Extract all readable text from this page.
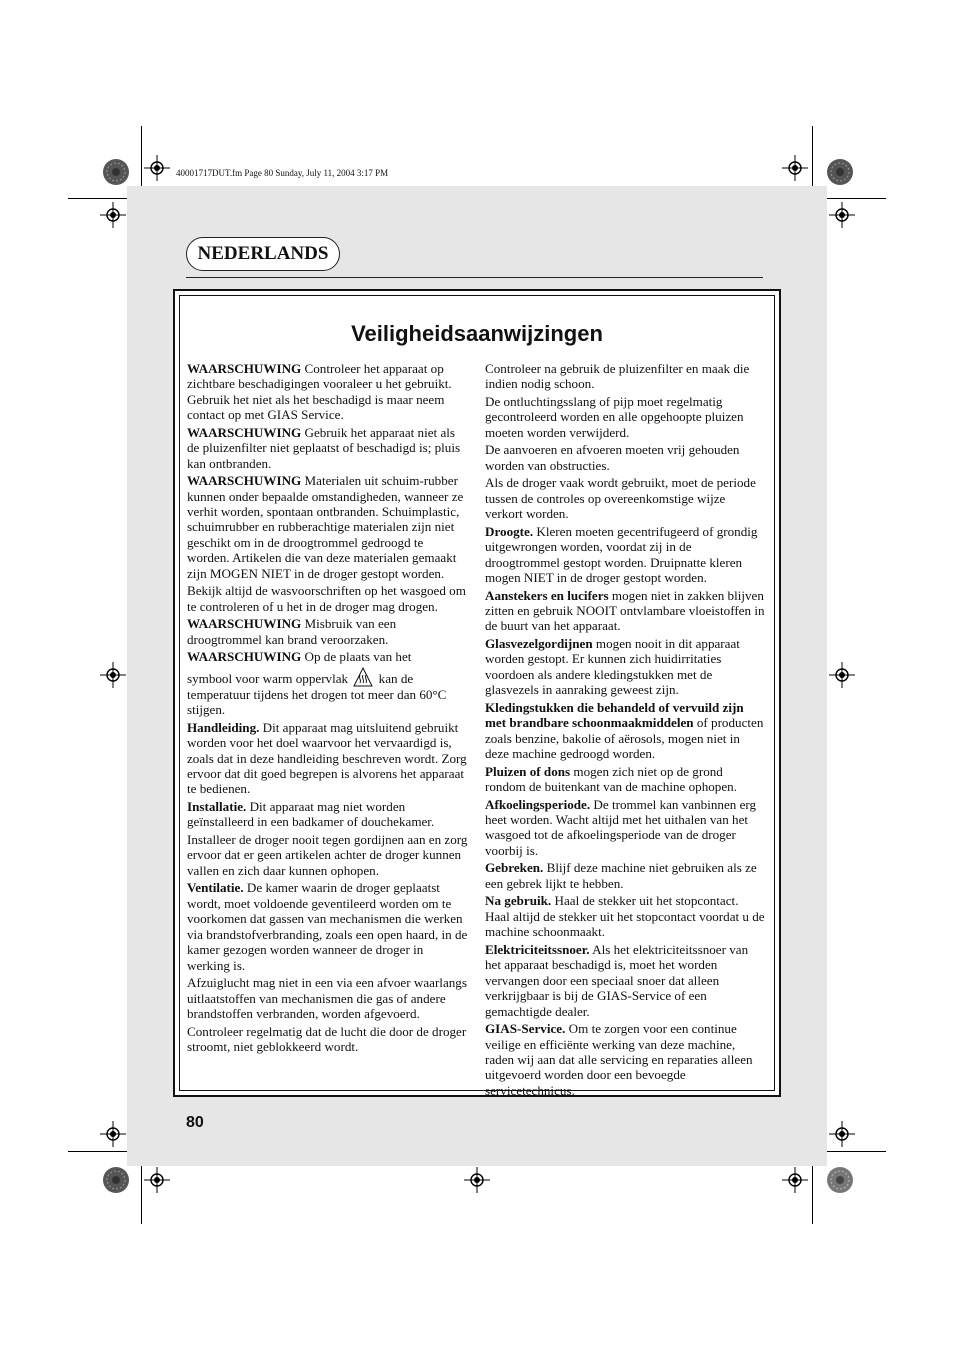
40001717DUT.fm Page 80 Sunday, July 11, 2004 3:17 PM
NEDERLANDS
Veiligheidsaanwijzingen

WAARSCHUWING Controleer het apparaat op zichtbare beschadigingen vooraleer u het gebruikt. Gebruik het niet als het beschadigd is maar neem contact op met GIAS Service.

WAARSCHUWING Gebruik het apparaat niet als de pluizenfilter niet geplaatst of beschadigd is; pluis kan ontbranden.

WAARSCHUWING Materialen uit schuim-rubber kunnen onder bepaalde omstandigheden, wanneer ze verhit worden, spontaan ontbranden. Schuimplastic, schuimrubber en rubberachtige materialen zijn niet geschikt om in de droogtrommel gedroogd te worden. Artikelen die van deze materialen gemaakt zijn MOGEN NIET in de droger gestopt worden.

Bekijk altijd de wasvoorschriften op het wasgoed om te controleren of u het in de droger mag drogen.

WAARSCHUWING Misbruik van een droogtrommel kan brand veroorzaken.

WAARSCHUWING Op de plaats van het

symbool voor warm oppervlak  kan de temperatuur tijdens het drogen tot meer dan 60°C stijgen.

Handleiding. Dit apparaat mag uitsluitend gebruikt worden voor het doel waarvoor het vervaardigd is, zoals dat in deze handleiding beschreven wordt. Zorg ervoor dat dit goed begrepen is alvorens het apparaat te bedienen.

Installatie. Dit apparaat mag niet worden geïnstalleerd in een badkamer of douchekamer.

Installeer de droger nooit tegen gordijnen aan en zorg ervoor dat er geen artikelen achter de droger kunnen vallen en zich daar kunnen ophopen.

Ventilatie. De kamer waarin de droger geplaatst wordt, moet voldoende geventileerd worden om te voorkomen dat gassen van mechanismen die werken via brandstofverbranding, zoals een open haard, in de kamer gezogen worden wanneer de droger in werking is.

Afzuiglucht mag niet in een via een afvoer waarlangs uitlaatstoffen van mechanismen die gas of andere brandstoffen verbranden, worden afgevoerd.

Controleer regelmatig dat de lucht die door de droger stroomt, niet geblokkeerd wordt.

Controleer na gebruik de pluizenfilter en maak die indien nodig schoon.

De ontluchtingsslang of pijp moet regelmatig gecontroleerd worden en alle opgehoopte pluizen moeten worden verwijderd.

De aanvoeren en afvoeren moeten vrij gehouden worden van obstructies.

Als de droger vaak wordt gebruikt, moet de periode tussen de controles op overeenkomstige wijze verkort worden.

Droogte. Kleren moeten gecentrifugeerd of grondig uitgewrongen worden, voordat zij in de droogtrommel gestopt worden. Druipnatte kleren mogen NIET in de droger gestopt worden.

Aanstekers en lucifers mogen niet in zakken blijven zitten en gebruik NOOIT ontvlambare vloeistoffen in de buurt van het apparaat.

Glasvezelgordijnen mogen nooit in dit apparaat worden gestopt. Er kunnen zich huidirritaties voordoen als andere kledingstukken met de glasvezels in aanraking geweest zijn.

Kledingstukken die behandeld of vervuild zijn met brandbare schoonmaakmiddelen of producten zoals benzine, bakolie of aërosols, mogen niet in deze machine gedroogd worden.

Pluizen of dons mogen zich niet op de grond rondom de buitenkant van de machine ophopen.

Afkoelingsperiode. De trommel kan vanbinnen erg heet worden. Wacht altijd met het uithalen van het wasgoed tot de afkoelingsperiode van de droger voorbij is.

Gebreken. Blijf deze machine niet gebruiken als ze een gebrek lijkt te hebben.

Na gebruik. Haal de stekker uit het stopcontact. Haal altijd de stekker uit het stopcontact voordat u de machine schoonmaakt.

Elektriciteitssnoer. Als het elektriciteitssnoer van het apparaat beschadigd is, moet het worden vervangen door een speciaal snoer dat alleen verkrijgbaar is bij de GIAS-Service of een gemachtigde dealer.

GIAS-Service. Om te zorgen voor een continue veilige en efficiënte werking van deze machine, raden wij aan dat alle servicing en reparaties alleen uitgevoerd worden door een bevoegde servicetechnicus.

80
